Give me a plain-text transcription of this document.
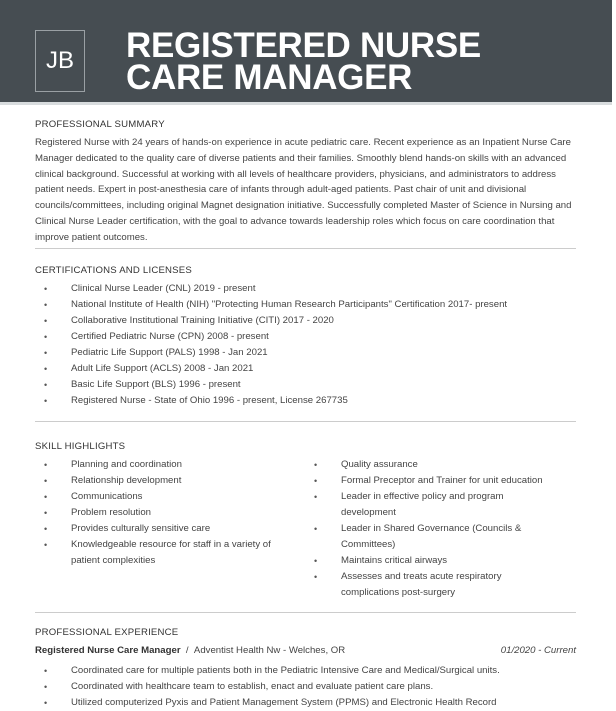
JB	REGISTERED NURSE
CARE MANAGER
PROFESSIONAL SUMMARY
Registered Nurse with 24 years of hands-on experience in acute pediatric care. Recent experience as an Inpatient Nurse Care Manager dedicated to the quality care of diverse patients and their families. Smoothly blend hands-on skills with an advanced clinical background. Successful at working with all levels of healthcare providers, physicians, and administrators to address patient needs. Expert in post-anesthesia care of infants through adult-aged patients. Past chair of unit and divisional councils/committees, including original Magnet designation initiative. Successfully completed Master of Science in Nursing and Clinical Nurse Leader certification, with the goal to advance towards leadership roles which focus on care coordination that improve patient outcomes.
CERTIFICATIONS AND LICENSES
• Clinical Nurse Leader (CNL) 2019 - present
• National Institute of Health (NIH) "Protecting Human Research Participants" Certification 2017- present
• Collaborative Institutional Training Initiative (CITI) 2017 - 2020
• Certified Pediatric Nurse (CPN) 2008 - present
• Pediatric Life Support (PALS) 1998 - Jan 2021
• Adult Life Support (ACLS) 2008 - Jan 2021
• Basic Life Support (BLS) 1996 - present
• Registered Nurse - State of Ohio 1996 - present, License 267735
SKILL HIGHLIGHTS
• Planning and coordination
• Relationship development
• Communications
• Problem resolution
• Provides culturally sensitive care
• Knowledgeable resource for staff in a variety of patient complexities
• Quality assurance
• Formal Preceptor and Trainer for unit education
• Leader in effective policy and program development
• Leader in Shared Governance (Councils & Committees)
• Maintains critical airways
• Assesses and treats acute respiratory complications post-surgery
PROFESSIONAL EXPERIENCE
Registered Nurse Care Manager / Adventist Health Nw - Welches, OR	01/2020 - Current
• Coordinated care for multiple patients both in the Pediatric Intensive Care and Medical/Surgical units.
• Coordinated with healthcare team to establish, enact and evaluate patient care plans.
• Utilized computerized Pyxis and Patient Management System (PPMS) and Electronic Health Record
